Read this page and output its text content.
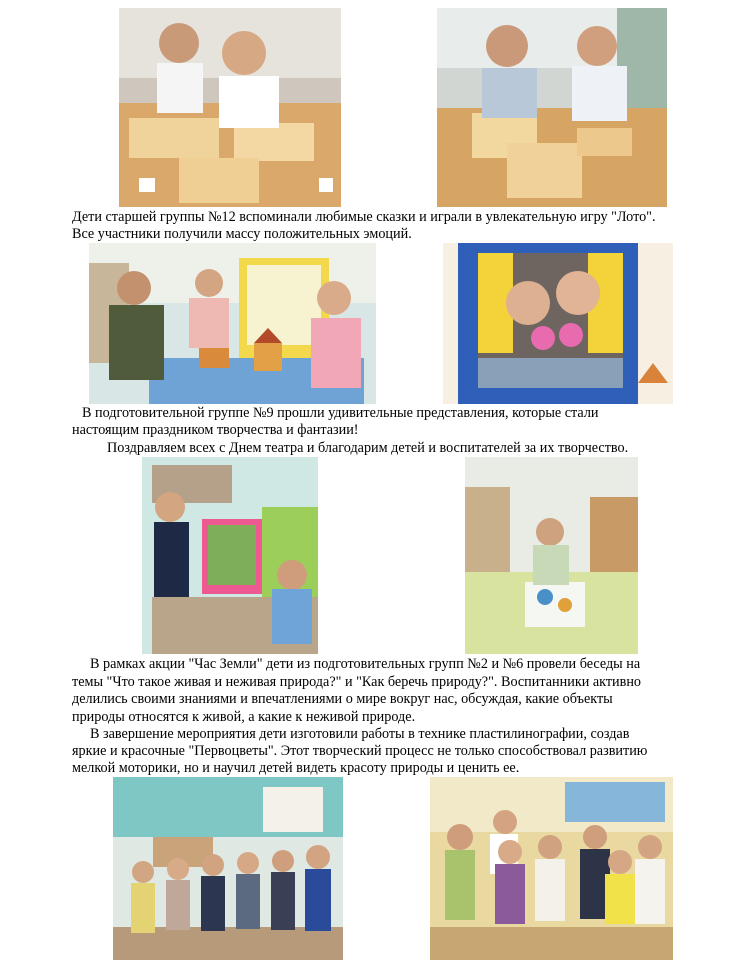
Дети старшей группы №12 вспоминали любимые сказки и играли в увлекательную игру "Лото".
Все участники получили массу положительных эмоций.
В подготовительной группе №9 прошли удивительные представления, которые стали
настоящим праздником творчества и фантазии!
Поздравляем всех с Днем театра и благодарим детей и воспитателей за их творчество.
В рамках акции "Час Земли" дети из подготовительных групп №2 и №6 провели беседы на
темы "Что такое живая и неживая природа?" и "Как беречь природу?". Воспитанники активно
делились своими знаниями и впечатлениями о мире вокруг нас, обсуждая, какие объекты
природы относятся к живой, а какие к неживой природе.
В завершение мероприятия дети изготовили работы в технике пластилинографии, создав
яркие и красочные "Первоцветы". Этот творческий процесс не только способствовал развитию
мелкой моторики, но и научил детей видеть красоту природы и ценить ее.
